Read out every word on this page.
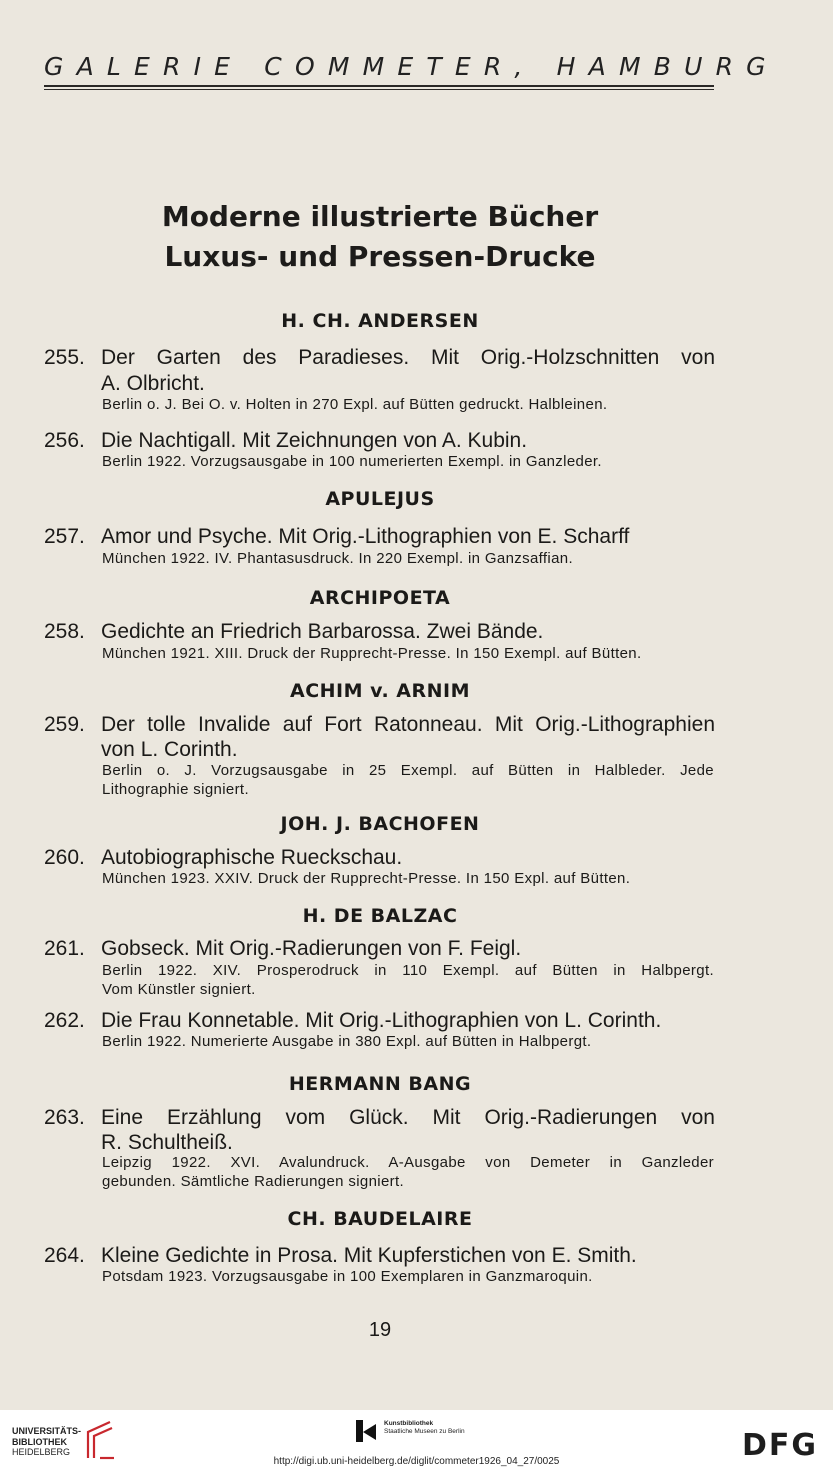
GALERIE COMMETER, HAMBURG
Moderne illustrierte Bücher
Luxus- und Pressen-Drucke
H. CH. ANDERSEN
255. Der Garten des Paradieses. Mit Orig.-Holzschnitten von
A. Olbricht.
Berlin o. J. Bei O. v. Holten in 270 Expl. auf Bütten gedruckt. Halbleinen.
256. Die Nachtigall. Mit Zeichnungen von A. Kubin.
Berlin 1922. Vorzugsausgabe in 100 numerierten Exempl. in Ganzleder.
APULEJUS
257. Amor und Psyche. Mit Orig.-Lithographien von E. Scharff
München 1922. IV. Phantasusdruck. In 220 Exempl. in Ganzsaffian.
ARCHIPOETA
258. Gedichte an Friedrich Barbarossa. Zwei Bände.
München 1921. XIII. Druck der Rupprecht-Presse. In 150 Exempl. auf Bütten.
ACHIM v. ARNIM
259. Der tolle Invalide auf Fort Ratonneau. Mit Orig.-Lithographien
von L. Corinth.
Berlin o. J. Vorzugsausgabe in 25 Exempl. auf Bütten in Halbleder. Jede
Lithographie signiert.
JOH. J. BACHOFEN
260. Autobiographische Rueckschau.
München 1923. XXIV. Druck der Rupprecht-Presse. In 150 Expl. auf Bütten.
H. DE BALZAC
261. Gobseck. Mit Orig.-Radierungen von F. Feigl.
Berlin 1922. XIV. Prosperodruck in 110 Exempl. auf Bütten in Halbpergt.
Vom Künstler signiert.
262. Die Frau Konnetable. Mit Orig.-Lithographien von L. Corinth.
Berlin 1922. Numerierte Ausgabe in 380 Expl. auf Bütten in Halbpergt.
HERMANN BANG
263. Eine Erzählung vom Glück. Mit Orig.-Radierungen von
R. Schultheiß.
Leipzig 1922. XVI. Avalundruck. A-Ausgabe von Demeter in Ganzleder
gebunden. Sämtliche Radierungen signiert.
CH. BAUDELAIRE
264. Kleine Gedichte in Prosa. Mit Kupferstichen von E. Smith.
Potsdam 1923. Vorzugsausgabe in 100 Exemplaren in Ganzmaroquin.
19
UNIVERSITÄTS-
BIBLIOTHEK
HEIDELBERG
Kunstbibliothek
Staatliche Museen zu Berlin	DFG
http://digi.ub.uni-heidelberg.de/diglit/commeter1926_04_27/0025
